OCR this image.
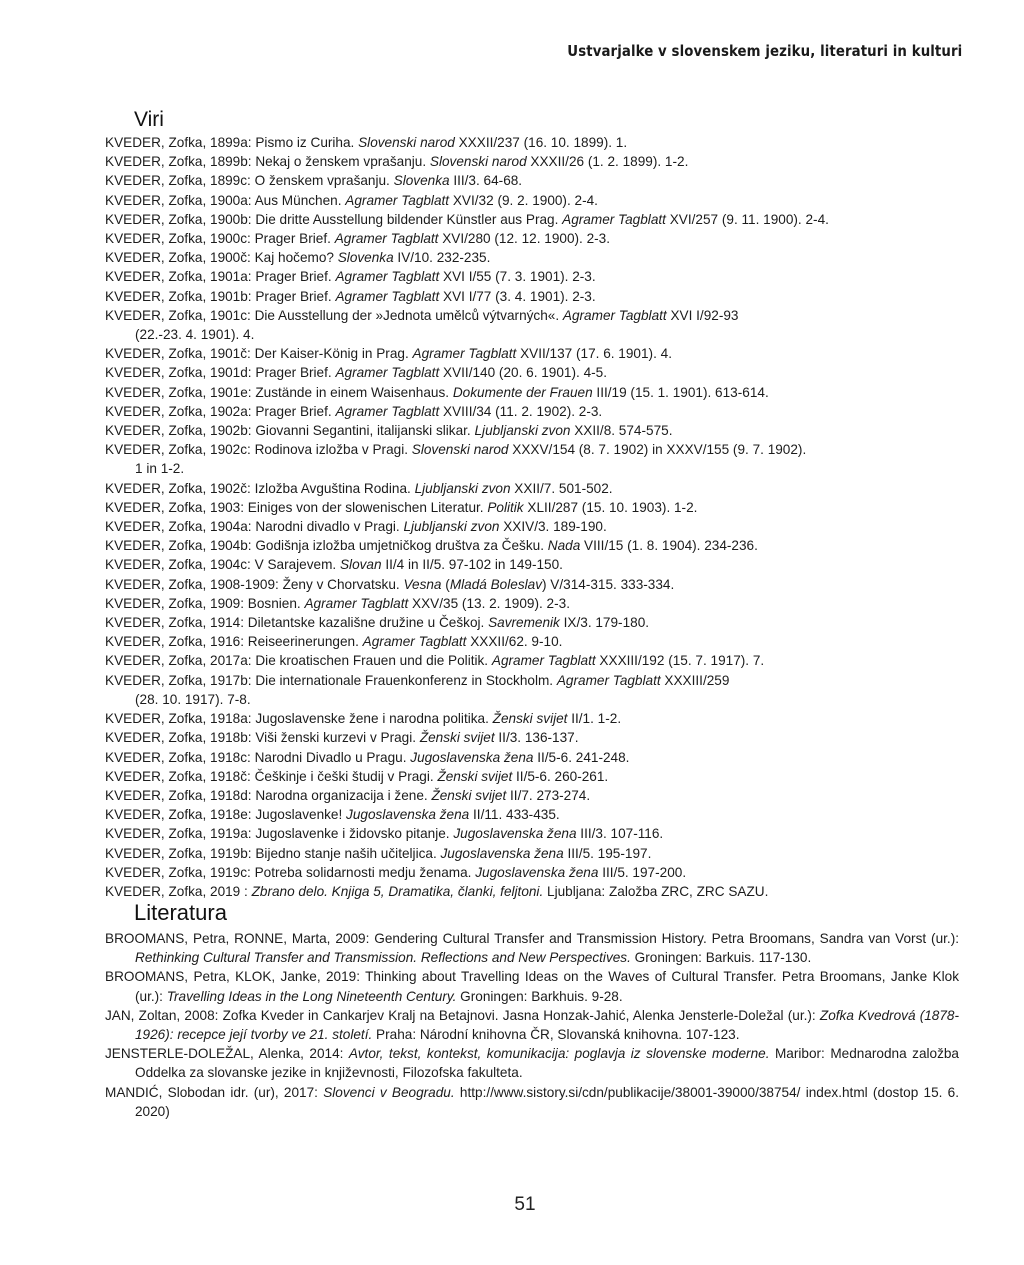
Ustvarjalke v slovenskem jeziku, literaturi in kulturi
Viri
KVEDER, Zofka, 1899a: Pismo iz Curiha. Slovenski narod XXXII/237 (16. 10. 1899). 1.
KVEDER, Zofka, 1899b: Nekaj o ženskem vprašanju. Slovenski narod XXXII/26 (1. 2. 1899). 1-2.
KVEDER, Zofka, 1899c: O ženskem vprašanju. Slovenka III/3. 64-68.
KVEDER, Zofka, 1900a: Aus München. Agramer Tagblatt XVI/32 (9. 2. 1900). 2-4.
KVEDER, Zofka, 1900b: Die dritte Ausstellung bildender Künstler aus Prag. Agramer Tagblatt XVI/257 (9. 11. 1900). 2-4.
KVEDER, Zofka, 1900c: Prager Brief. Agramer Tagblatt XVI/280 (12. 12. 1900). 2-3.
KVEDER, Zofka, 1900č: Kaj hočemo? Slovenka IV/10. 232-235.
KVEDER, Zofka, 1901a: Prager Brief. Agramer Tagblatt XVI I/55 (7. 3. 1901). 2-3.
KVEDER, Zofka, 1901b: Prager Brief. Agramer Tagblatt XVI I/77 (3. 4. 1901). 2-3.
KVEDER, Zofka, 1901c: Die Ausstellung der »Jednota umělců výtvarných«. Agramer Tagblatt XVI I/92-93
(22.-23. 4. 1901). 4.
KVEDER, Zofka, 1901č: Der Kaiser-König in Prag. Agramer Tagblatt XVII/137 (17. 6. 1901). 4.
KVEDER, Zofka, 1901d: Prager Brief. Agramer Tagblatt XVII/140 (20. 6. 1901). 4-5.
KVEDER, Zofka, 1901e: Zustände in einem Waisenhaus. Dokumente der Frauen III/19 (15. 1. 1901). 613-614.
KVEDER, Zofka, 1902a: Prager Brief. Agramer Tagblatt XVIII/34 (11. 2. 1902). 2-3.
KVEDER, Zofka, 1902b: Giovanni Segantini, italijanski slikar. Ljubljanski zvon XXII/8. 574-575.
KVEDER, Zofka, 1902c: Rodinova izložba v Pragi. Slovenski narod XXXV/154 (8. 7. 1902) in XXXV/155 (9. 7. 1902).
1 in 1-2.
KVEDER, Zofka, 1902č: Izložba Avguština Rodina. Ljubljanski zvon XXII/7. 501-502.
KVEDER, Zofka, 1903: Einiges von der slowenischen Literatur. Politik XLII/287 (15. 10. 1903). 1-2.
KVEDER, Zofka, 1904a: Narodni divadlo v Pragi. Ljubljanski zvon XXIV/3. 189-190.
KVEDER, Zofka, 1904b: Godišnja izložba umjetničkog društva za Češku. Nada VIII/15 (1. 8. 1904). 234-236.
KVEDER, Zofka, 1904c: V Sarajevem. Slovan II/4 in II/5. 97-102 in 149-150.
KVEDER, Zofka, 1908-1909: Ženy v Chorvatsku. Vesna (Mladá Boleslav) V/314-315. 333-334.
KVEDER, Zofka, 1909: Bosnien. Agramer Tagblatt XXV/35 (13. 2. 1909). 2-3.
KVEDER, Zofka, 1914: Diletantske kazališne družine u Češkoj. Savremenik IX/3. 179-180.
KVEDER, Zofka, 1916: Reiseerinerungen. Agramer Tagblatt XXXII/62. 9-10.
KVEDER, Zofka, 2017a: Die kroatischen Frauen und die Politik. Agramer Tagblatt XXXIII/192 (15. 7. 1917). 7.
KVEDER, Zofka, 1917b: Die internationale Frauenkonferenz in Stockholm. Agramer Tagblatt XXXIII/259
(28. 10. 1917). 7-8.
KVEDER, Zofka, 1918a: Jugoslavenske žene i narodna politika. Ženski svijet II/1. 1-2.
KVEDER, Zofka, 1918b: Viši ženski kurzevi v Pragi. Ženski svijet II/3. 136-137.
KVEDER, Zofka, 1918c: Narodni Divadlo u Pragu. Jugoslavenska žena II/5-6. 241-248.
KVEDER, Zofka, 1918č: Češkinje i češki študij v Pragi. Ženski svijet II/5-6. 260-261.
KVEDER, Zofka, 1918d: Narodna organizacija i žene. Ženski svijet II/7. 273-274.
KVEDER, Zofka, 1918e: Jugoslavenke! Jugoslavenska žena II/11. 433-435.
KVEDER, Zofka, 1919a: Jugoslavenke i židovsko pitanje. Jugoslavenska žena III/3. 107-116.
KVEDER, Zofka, 1919b: Bijedno stanje naših učiteljica. Jugoslavenska žena III/5. 195-197.
KVEDER, Zofka, 1919c: Potreba solidarnosti medju ženama. Jugoslavenska žena III/5. 197-200.
KVEDER, Zofka, 2019 : Zbrano delo. Knjiga 5, Dramatika, članki, feljtoni. Ljubljana: Založba ZRC, ZRC SAZU.
Literatura
BROOMANS, Petra, RONNE, Marta, 2009: Gendering Cultural Transfer and Transmission History. Petra Broomans, Sandra van Vorst (ur.): Rethinking Cultural Transfer and Transmission. Reflections and New Perspectives. Groningen: Barkuis. 117-130.
BROOMANS, Petra, KLOK, Janke, 2019: Thinking about Travelling Ideas on the Waves of Cultural Transfer. Petra Broomans, Janke Klok (ur.): Travelling Ideas in the Long Nineteenth Century. Groningen: Barkhuis. 9-28.
JAN, Zoltan, 2008: Zofka Kveder in Cankarjev Kralj na Betajnovi. Jasna Honzak-Jahić, Alenka Jensterle-Doležal (ur.): Zofka Kvedrová (1878-1926): recepce její tvorby ve 21. století. Praha: Národní knihovna ČR, Slovanská knihovna. 107-123.
JENSTERLE-DOLEŽAL, Alenka, 2014: Avtor, tekst, kontekst, komunikacija: poglavja iz slovenske moderne. Maribor: Mednarodna založba Oddelka za slovanske jezike in književnosti, Filozofska fakulteta.
MANDIĆ, Slobodan idr. (ur), 2017: Slovenci v Beogradu. http://www.sistory.si/cdn/publikacije/38001-39000/38754/ index.html (dostop 15. 6. 2020)
51
